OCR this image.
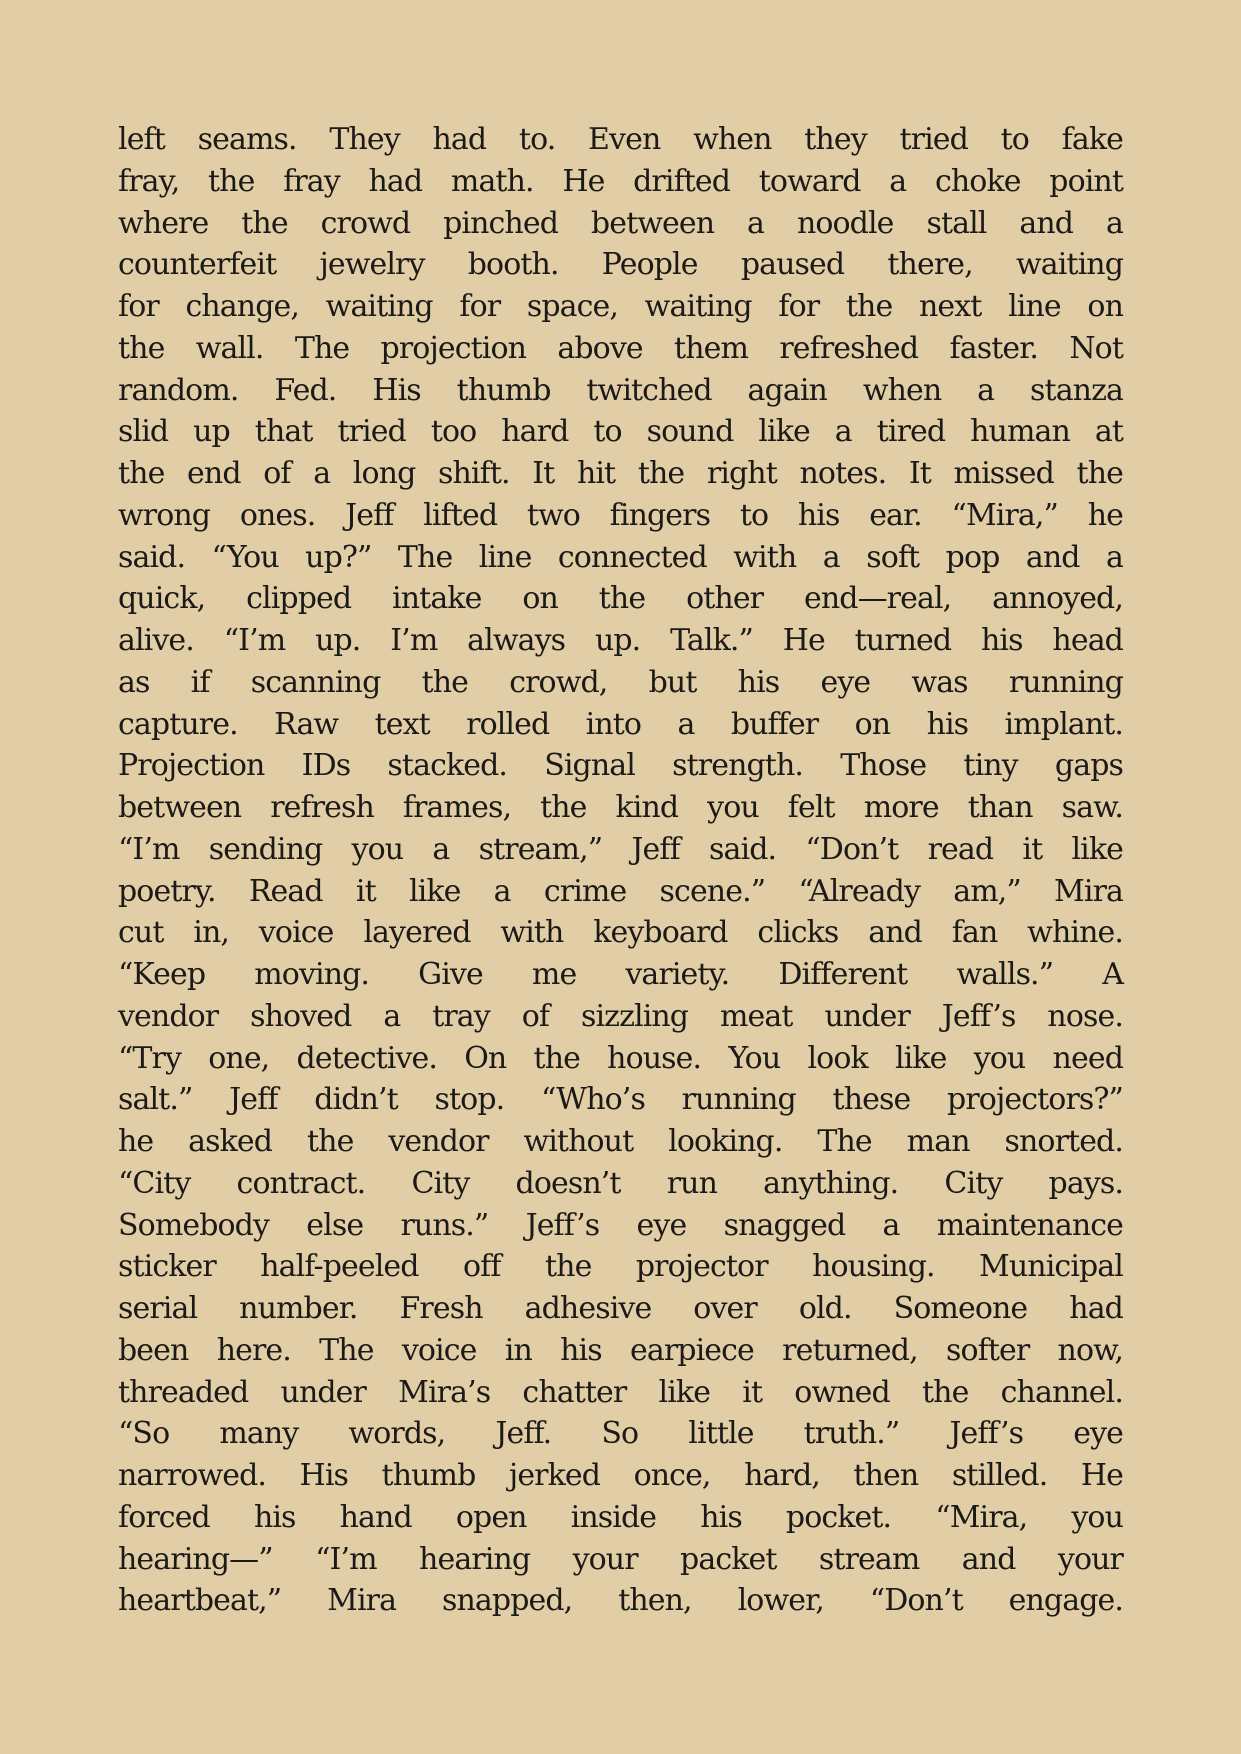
left seams. They had to. Even when they tried to fake
fray, the fray had math. He drifted toward a choke point
where the crowd pinched between a noodle stall and a
counterfeit jewelry booth. People paused there, waiting
for change, waiting for space, waiting for the next line on
the wall. The projection above them refreshed faster. Not
random. Fed. His thumb twitched again when a stanza
slid up that tried too hard to sound like a tired human at
the end of a long shift. It hit the right notes. It missed the
wrong ones. Jeff lifted two fingers to his ear. “Mira,” he
said. “You up?” The line connected with a soft pop and a
quick, clipped intake on the other end—real, annoyed,
alive. “I’m up. I’m always up. Talk.” He turned his head
as if scanning the crowd, but his eye was running
capture. Raw text rolled into a buffer on his implant.
Projection IDs stacked. Signal strength. Those tiny gaps
between refresh frames, the kind you felt more than saw.
“I’m sending you a stream,” Jeff said. “Don’t read it like
poetry. Read it like a crime scene.” “Already am,” Mira
cut in, voice layered with keyboard clicks and fan whine.
“Keep moving. Give me variety. Different walls.” A
vendor shoved a tray of sizzling meat under Jeff’s nose.
“Try one, detective. On the house. You look like you need
salt.” Jeff didn’t stop. “Who’s running these projectors?”
he asked the vendor without looking. The man snorted.
“City contract. City doesn’t run anything. City pays.
Somebody else runs.” Jeff’s eye snagged a maintenance
sticker half-peeled off the projector housing. Municipal
serial number. Fresh adhesive over old. Someone had
been here. The voice in his earpiece returned, softer now,
threaded under Mira’s chatter like it owned the channel.
“So many words, Jeff. So little truth.” Jeff’s eye
narrowed. His thumb jerked once, hard, then stilled. He
forced his hand open inside his pocket. “Mira, you
hearing—” “I’m hearing your packet stream and your
heartbeat,” Mira snapped, then, lower, “Don’t engage.
